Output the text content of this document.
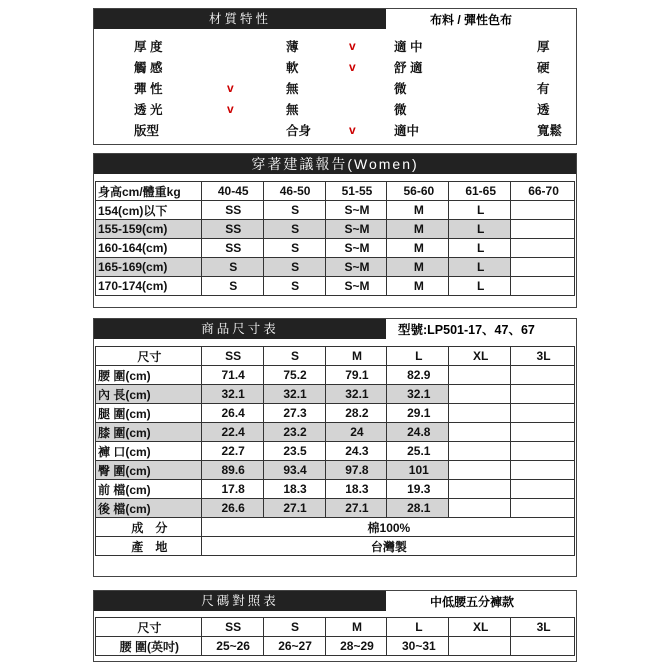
材質特性	布料 / 彈性色布
厚 度	薄	v	適 中	厚
觸 感	軟	v	舒 適	硬
彈 性	v	無	微	有
透 光	v	無	微	透
版型	合身	v	適中	寬鬆
穿著建議報告(Women)
身高cm/體重kg	40-45	46-50	51-55	56-60	61-65	66-70
154(cm)以下	SS	S	S~M	M	L	
155-159(cm)	SS	S	S~M	M	L	
160-164(cm)	SS	S	S~M	M	L	
165-169(cm)	S	S	S~M	M	L	
170-174(cm)	S	S	S~M	M	L	
商品尺寸表	型號:LP501-17、47、67
尺寸	SS	S	M	L	XL	3L
腰 圍(cm)	71.4	75.2	79.1	82.9		
內 長(cm)	32.1	32.1	32.1	32.1		
腿 圍(cm)	26.4	27.3	28.2	29.1		
膝 圍(cm)	22.4	23.2	24	24.8		
褲 口(cm)	22.7	23.5	24.3	25.1		
臀 圍(cm)	89.6	93.4	97.8	101		
前 檔(cm)	17.8	18.3	18.3	19.3		
後 檔(cm)	26.6	27.1	27.1	28.1		
成　分	棉100%					
產　地	台灣製					
尺碼對照表	中低腰五分褲款
尺寸	SS	S	M	L	XL	3L
腰 圍(英吋)	25~26	26~27	28~29	30~31		
